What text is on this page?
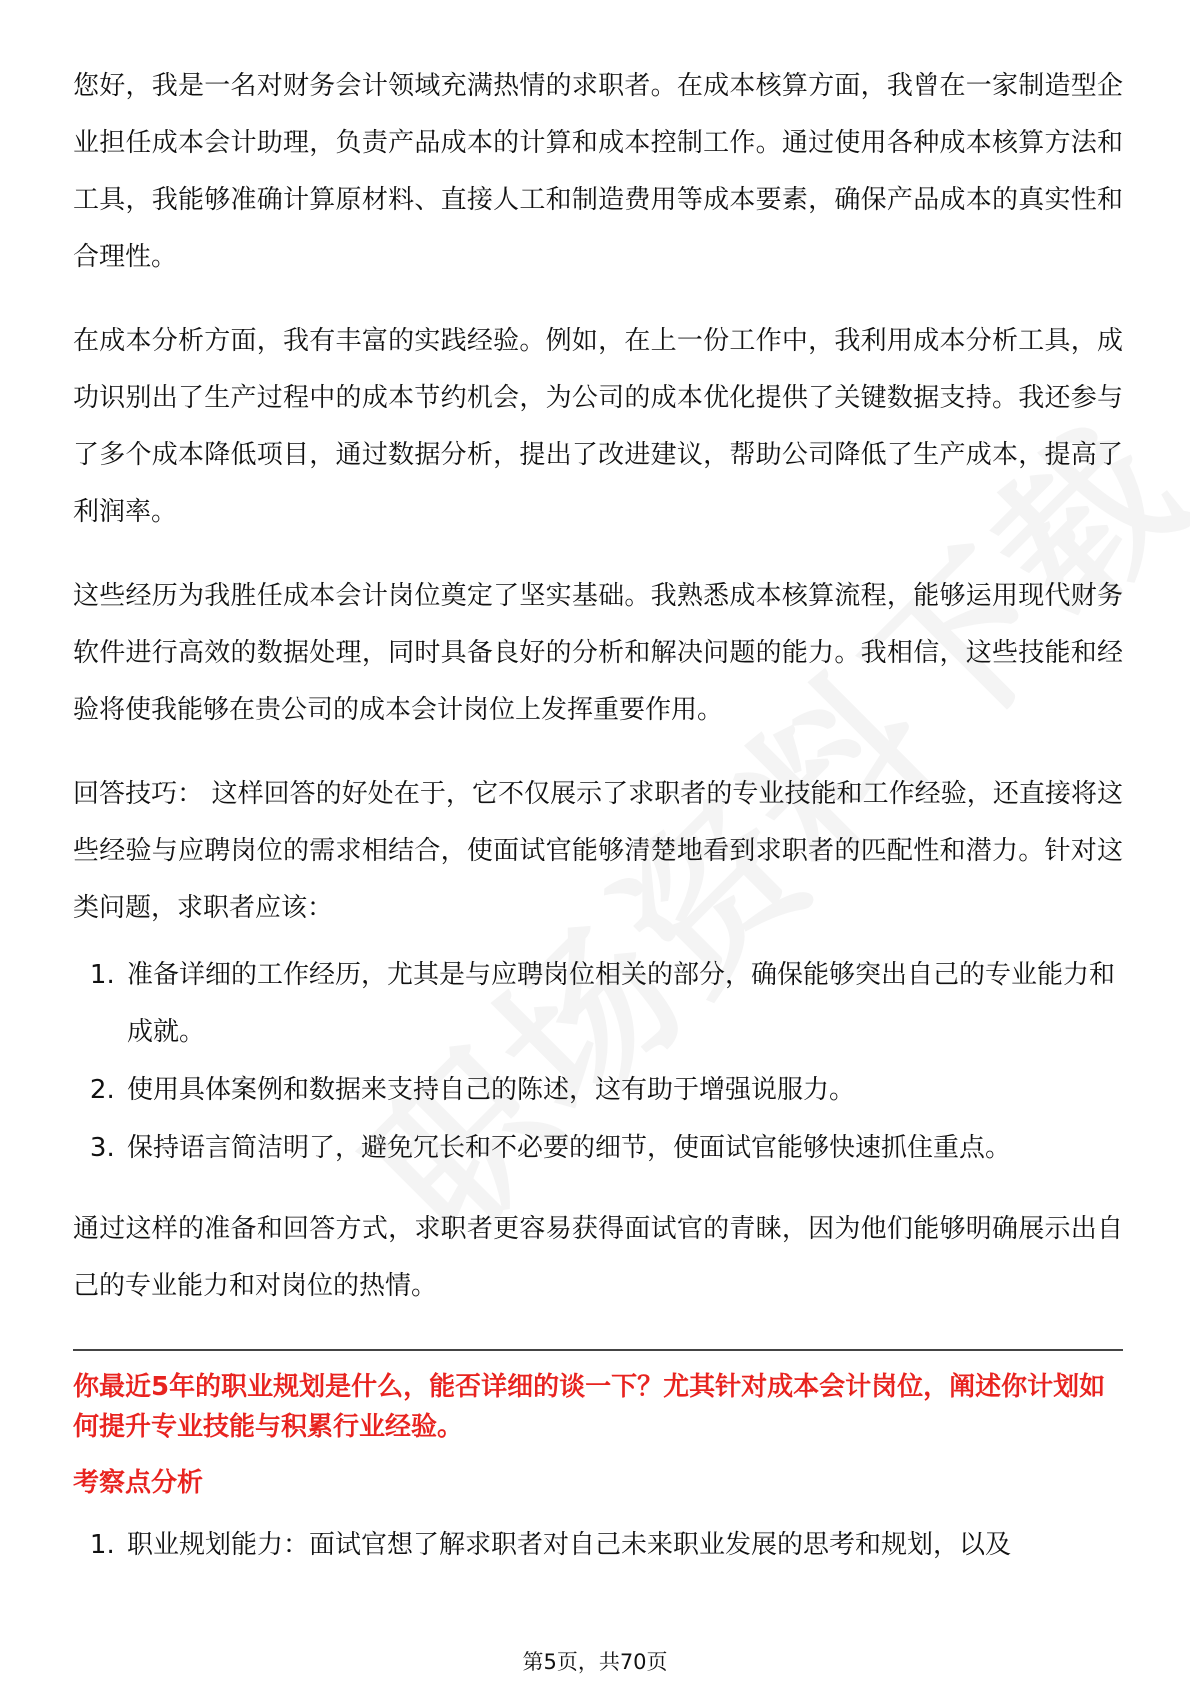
您好，我是一名对财务会计领域充满热情的求职者。在成本核算方面，我曾在一家制造型企业担任成本会计助理，负责产品成本的计算和成本控制工作。通过使用各种成本核算方法和工具，我能够准确计算原材料、直接人工和制造费用等成本要素，确保产品成本的真实性和合理性。

在成本分析方面，我有丰富的实践经验。例如，在上一份工作中，我利用成本分析工具，成功识别出了生产过程中的成本节约机会，为公司的成本优化提供了关键数据支持。我还参与了多个成本降低项目，通过数据分析，提出了改进建议，帮助公司降低了生产成本，提高了利润率。

这些经历为我胜任成本会计岗位奠定了坚实基础。我熟悉成本核算流程，能够运用现代财务软件进行高效的数据处理，同时具备良好的分析和解决问题的能力。我相信，这些技能和经验将使我能够在贵公司的成本会计岗位上发挥重要作用。

回答技巧： 这样回答的好处在于，它不仅展示了求职者的专业技能和工作经验，还直接将这些经验与应聘岗位的需求相结合，使面试官能够清楚地看到求职者的匹配性和潜力。针对这类问题，求职者应该：

1. 准备详细的工作经历，尤其是与应聘岗位相关的部分，确保能够突出自己的专业能力和成就。
2. 使用具体案例和数据来支持自己的陈述，这有助于增强说服力。
3. 保持语言简洁明了，避免冗长和不必要的细节，使面试官能够快速抓住重点。

通过这样的准备和回答方式，求职者更容易获得面试官的青睐，因为他们能够明确展示出自己的专业能力和对岗位的热情。

你最近5年的职业规划是什么，能否详细的谈一下？尤其针对成本会计岗位，阐述你计划如何提升专业技能与积累行业经验。

考察点分析
1. 职业规划能力：面试官想了解求职者对自己未来职业发展的思考和规划，以及
第5页，共70页
